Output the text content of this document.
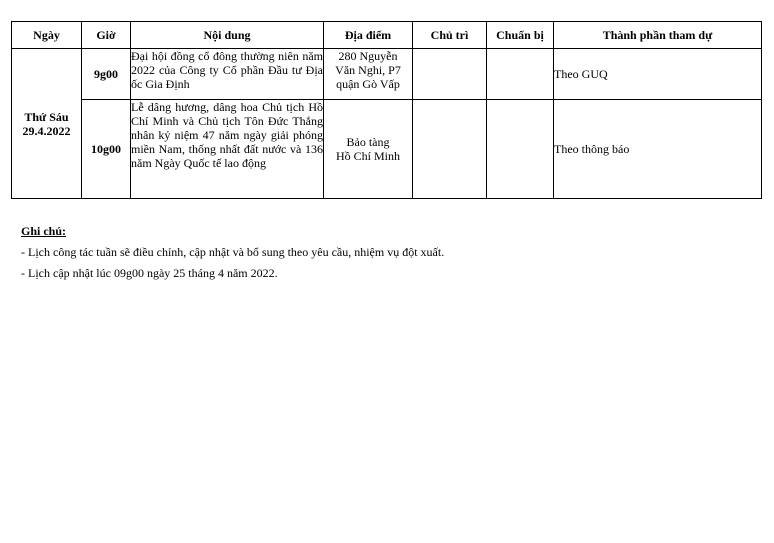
Ngày	Giờ	Nội dung	Địa điểm	Chủ trì	Chuẩn bị	Thành phần tham dự

Thứ Sáu
29.4.2022	9g00	Đại hội đồng cổ đông thường niên năm 2022 của Công ty Cổ phần Đầu tư Địa ốc Gia Định	280 Nguyễn
Văn Nghi, P7
quận Gò Vấp			Theo GUQ
	10g00	Lễ dâng hương, dâng hoa Chủ tịch Hồ Chí Minh và Chủ tịch Tôn Đức Thắng nhân kỷ niệm 47 năm ngày giải phóng miền Nam, thống nhất đất nước và 136 năm Ngày Quốc tế lao động	Bảo tàng
Hồ Chí Minh			Theo thông báo
Ghi chú:
- Lịch công tác tuần sẽ điều chỉnh, cập nhật và bổ sung theo yêu cầu, nhiệm vụ đột xuất.
- Lịch cập nhật lúc 09g00 ngày 25 tháng 4 năm 2022.
